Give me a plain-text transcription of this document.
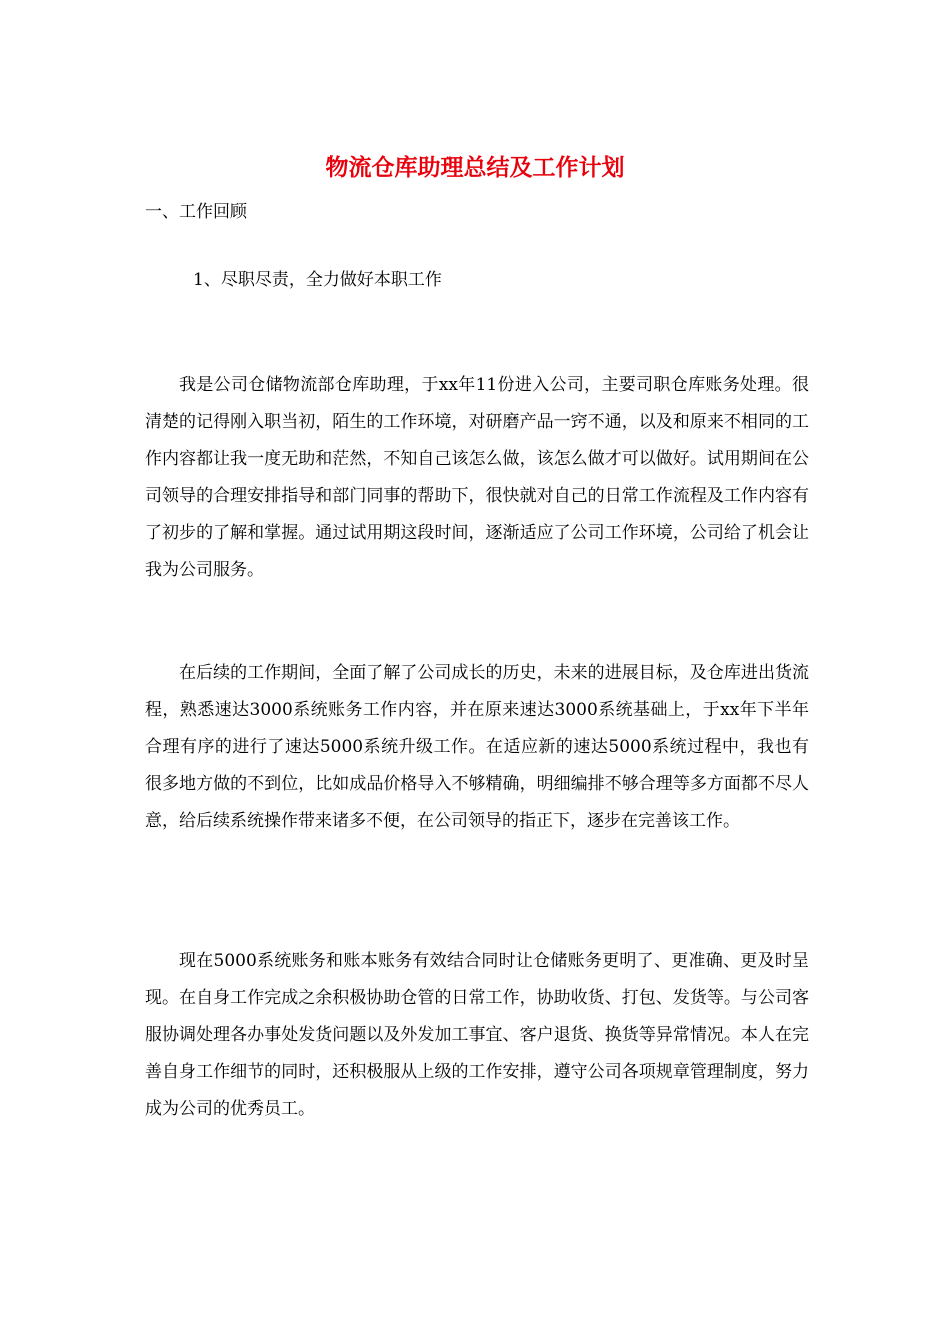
物流仓库助理总结及工作计划

一、工作回顾

1、尽职尽责，全力做好本职工作

我是公司仓储物流部仓库助理，于xx年11份进入公司，主要司职仓库账务处理。很清楚的记得刚入职当初，陌生的工作环境，对研磨产品一窍不通，以及和原来不相同的工作内容都让我一度无助和茫然，不知自己该怎么做，该怎么做才可以做好。试用期间在公司领导的合理安排指导和部门同事的帮助下，很快就对自己的日常工作流程及工作内容有了初步的了解和掌握。通过试用期这段时间，逐渐适应了公司工作环境，公司给了机会让我为公司服务。

在后续的工作期间，全面了解了公司成长的历史，未来的进展目标，及仓库进出货流程，熟悉速达3000系统账务工作内容，并在原来速达3000系统基础上，于xx年下半年合理有序的进行了速达5000系统升级工作。在适应新的速达5000系统过程中，我也有很多地方做的不到位，比如成品价格导入不够精确，明细编排不够合理等多方面都不尽人意，给后续系统操作带来诸多不便，在公司领导的指正下，逐步在完善该工作。

现在5000系统账务和账本账务有效结合同时让仓储账务更明了、更准确、更及时呈现。在自身工作完成之余积极协助仓管的日常工作，协助收货、打包、发货等。与公司客服协调处理各办事处发货问题以及外发加工事宜、客户退货、换货等异常情况。本人在完善自身工作细节的同时，还积极服从上级的工作安排，遵守公司各项规章管理制度，努力成为公司的优秀员工。
